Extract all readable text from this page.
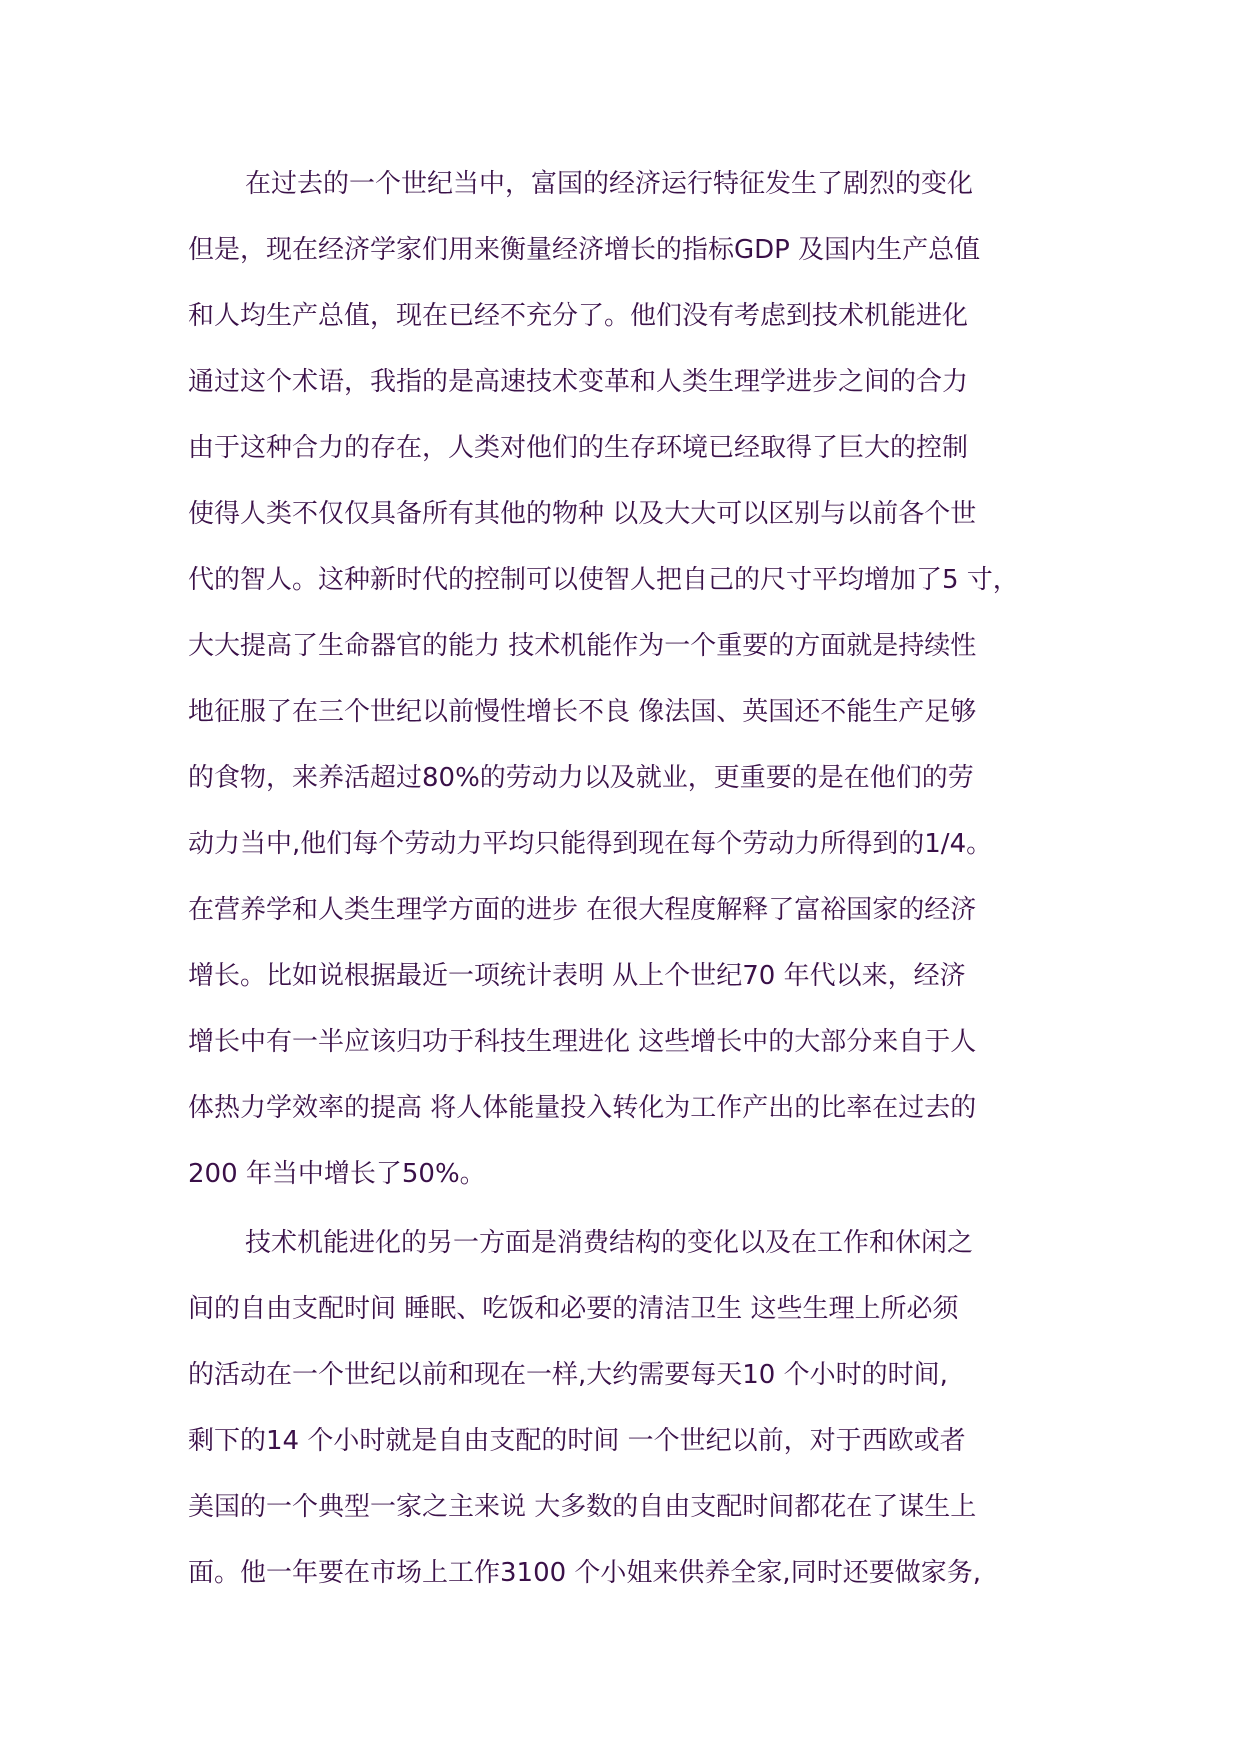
在过去的一个世纪当中，富国的经济运行特征发生了剧烈的变化
但是，现在经济学家们用来衡量经济增长的指标GDP 及国内生产总值
和人均生产总值，现在已经不充分了。他们没有考虑到技术机能进化
通过这个术语，我指的是高速技术变革和人类生理学进步之间的合力
由于这种合力的存在，人类对他们的生存环境已经取得了巨大的控制
使得人类不仅仅具备所有其他的物种 以及大大可以区别与以前各个世
代的智人。这种新时代的控制可以使智人把自己的尺寸平均增加了5 寸，
大大提高了生命器官的能力 技术机能作为一个重要的方面就是持续性
地征服了在三个世纪以前慢性增长不良 像法国、英国还不能生产足够
的食物，来养活超过80%的劳动力以及就业，更重要的是在他们的劳
动力当中,他们每个劳动力平均只能得到现在每个劳动力所得到的1/4。
在营养学和人类生理学方面的进步 在很大程度解释了富裕国家的经济
增长。比如说根据最近一项统计表明 从上个世纪70 年代以来，经济
增长中有一半应该归功于科技生理进化 这些增长中的大部分来自于人
体热力学效率的提高 将人体能量投入转化为工作产出的比率在过去的
200 年当中增长了50%。
技术机能进化的另一方面是消费结构的变化以及在工作和休闲之
间的自由支配时间 睡眠、吃饭和必要的清洁卫生 这些生理上所必须
的活动在一个世纪以前和现在一样,大约需要每天10 个小时的时间,
剩下的14 个小时就是自由支配的时间 一个世纪以前，对于西欧或者
美国的一个典型一家之主来说 大多数的自由支配时间都花在了谋生上
面。他一年要在市场上工作3100 个小姐来供养全家,同时还要做家务,
